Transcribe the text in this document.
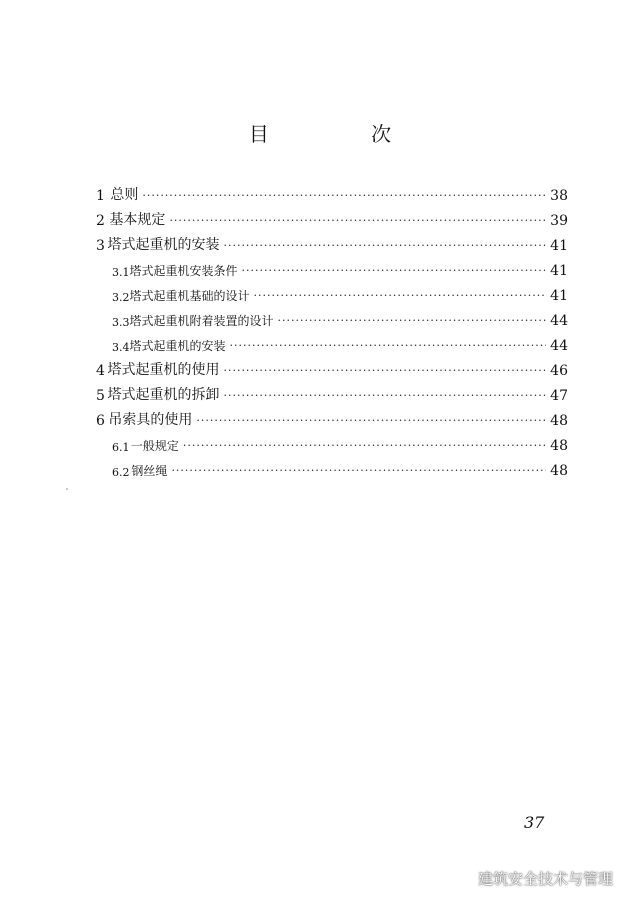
目 次
1 总则 ·····	38
2 基本规定 ·····	39
3 塔式起重机的安装 ·····	41
3.1 塔式起重机安装条件 ·····	41
3.2 塔式起重机基础的设计 ·····	41
3.3 塔式起重机附着装置的设计 ·····	44
3.4 塔式起重机的安装 ·····	44
4 塔式起重机的使用 ·····	46
5 塔式起重机的拆卸 ·····	47
6 吊索具的使用 ·····	48
6.1 一般规定 ·····	48
6.2 钢丝绳 ·····	48
37
建筑安全技术与管理
